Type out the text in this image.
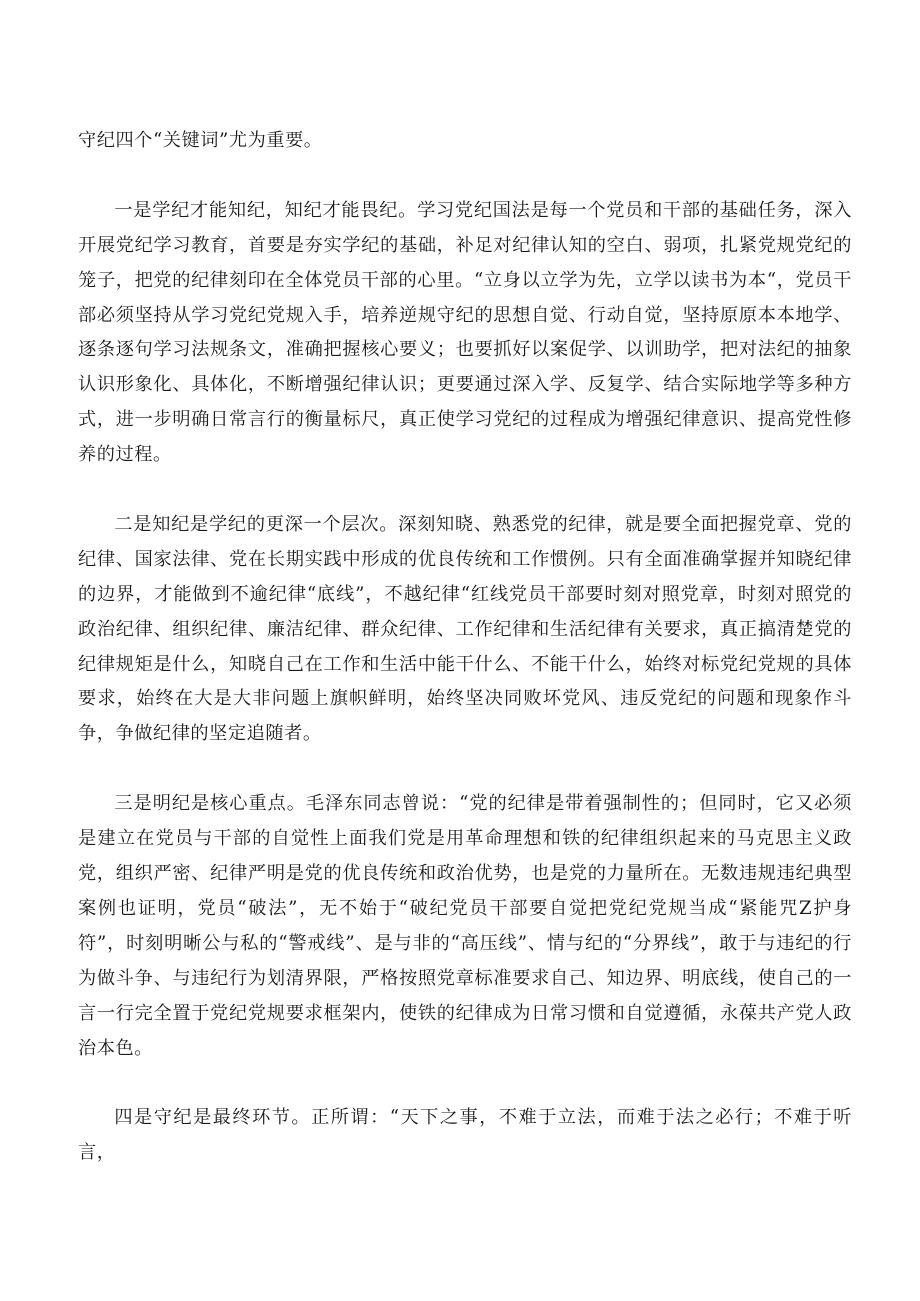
守纪四个“关键词”尤为重要。

一是学纪才能知纪，知纪才能畏纪。学习党纪国法是每一个党员和干部的基础任务，深入开展党纪学习教育，首要是夯实学纪的基础，补足对纪律认知的空白、弱项，扎紧党规党纪的笼子，把党的纪律刻印在全体党员干部的心里。“立身以立学为先，立学以读书为本“，党员干部必须坚持从学习党纪党规入手，培养逆规守纪的思想自觉、行动自觉，坚持原原本本地学、逐条逐句学习法规条文，准确把握核心要义；也要抓好以案促学、以训助学，把对法纪的抽象认识形象化、具体化，不断增强纪律认识；更要通过深入学、反复学、结合实际地学等多种方式，进一步明确日常言行的衡量标尺，真正使学习党纪的过程成为增强纪律意识、提高党性修养的过程。

二是知纪是学纪的更深一个层次。深刻知晓、熟悉党的纪律，就是要全面把握党章、党的纪律、国家法律、党在长期实践中形成的优良传统和工作惯例。只有全面准确掌握并知晓纪律的边界，才能做到不逾纪律“底线”，不越纪律“红线党员干部要时刻对照党章，时刻对照党的政治纪律、组织纪律、廉洁纪律、群众纪律、工作纪律和生活纪律有关要求，真正搞清楚党的纪律规矩是什么，知晓自己在工作和生活中能干什么、不能干什么，始终对标党纪党规的具体要求，始终在大是大非问题上旗帜鲜明，始终坚决同败坏党风、违反党纪的问题和现象作斗争，争做纪律的坚定追随者。

三是明纪是核心重点。毛泽东同志曾说：“党的纪律是带着强制性的；但同时，它又必须是建立在党员与干部的自觉性上面我们党是用革命理想和铁的纪律组织起来的马克思主义政党，组织严密、纪律严明是党的优良传统和政治优势，也是党的力量所在。无数违规违纪典型案例也证明，党员“破法”，无不始于“破纪党员干部要自觉把党纪党规当成“紧能咒Z护身符”，时刻明晰公与私的“警戒线”、是与非的“高压线”、情与纪的“分界线”，敢于与违纪的行为做斗争、与违纪行为划清界限，严格按照党章标准要求自己、知边界、明底线，使自己的一言一行完全置于党纪党规要求框架内，使铁的纪律成为日常习惯和自觉遵循，永葆共产党人政治本色。

四是守纪是最终环节。正所谓：“天下之事，不难于立法，而难于法之必行；不难于听言，
